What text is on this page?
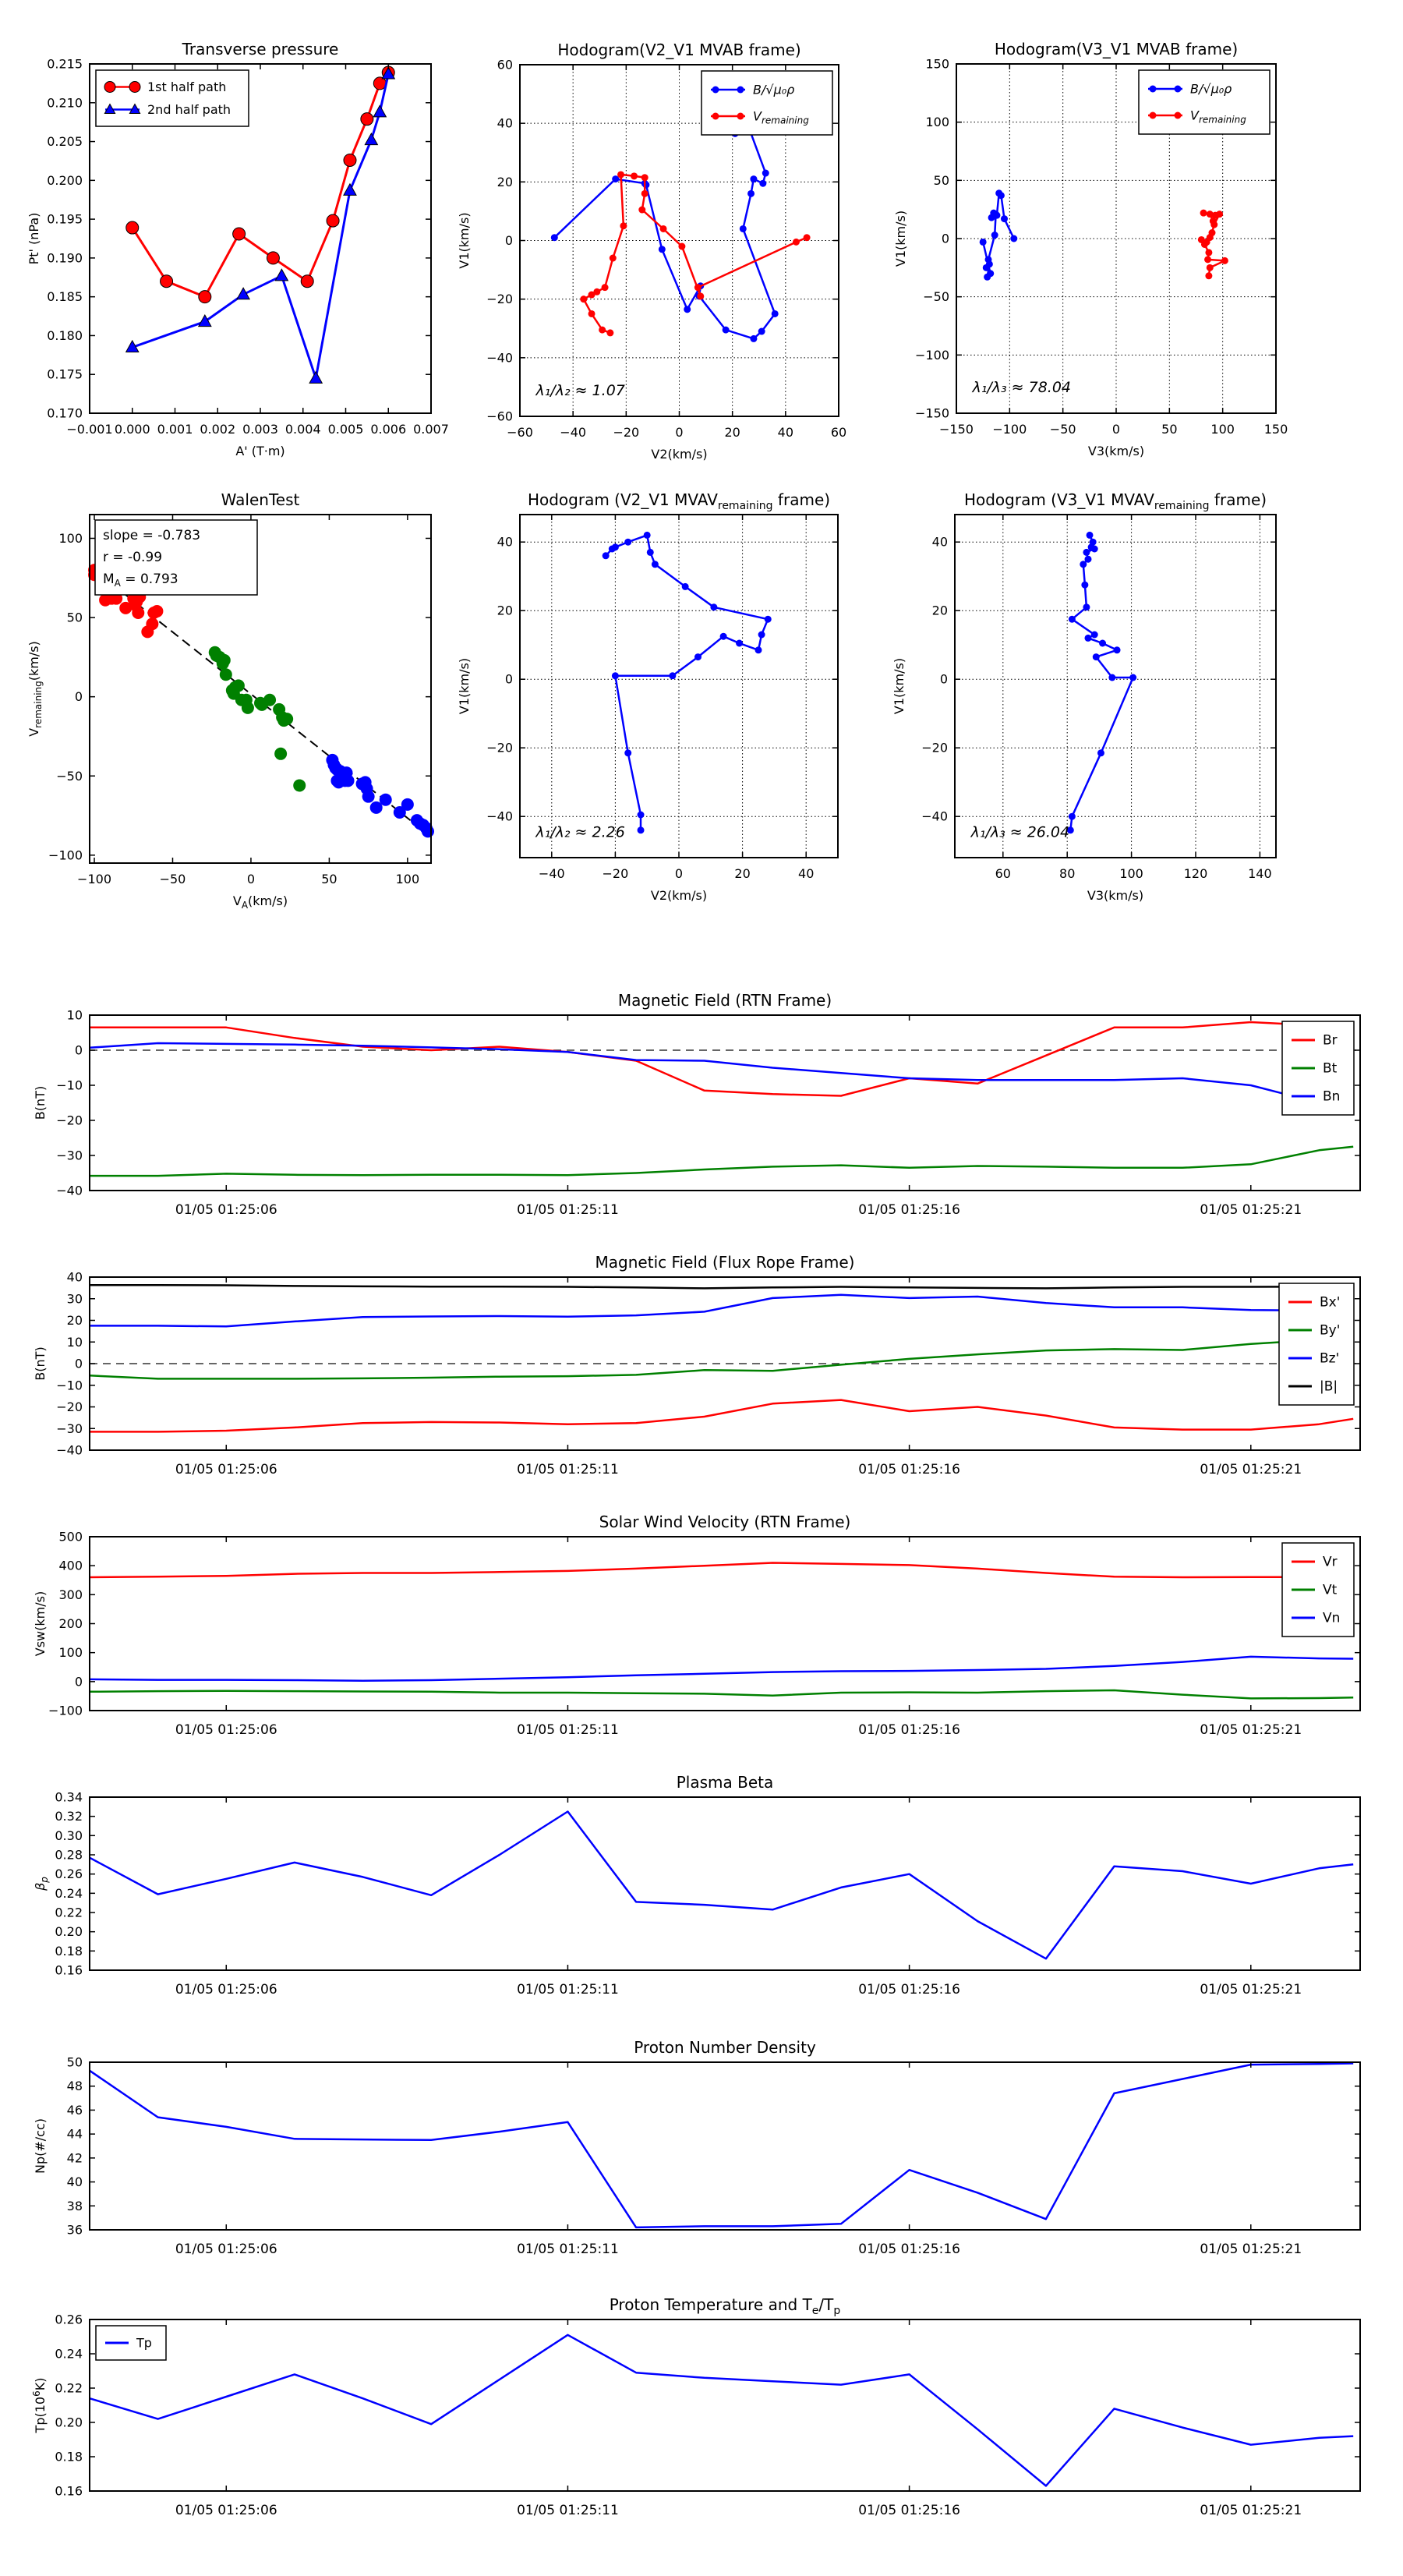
−0.001 0.000 0.001 0.002 0.003 0.004 0.005 0.006 0.007
0.170
0.175
0.180
0.185
0.190
0.195
0.200
0.205
0.210
0.215
Transverse pressure
A' (T·m)
Pt' (nPa)
1st half path
2nd half path
−60 −40 −20	0	20	40	60
−60
−40
−20
0
20
40
60
Hodogram(V2_V1 MVAB frame)
V2(km/s)
V1(km/s)
λ₁/λ₂ ≈ 1.07
B/√μ₀ρ
$V_{remaining}$
−150 −100 −50	0	50	100 150
−150
−100
−50
0
50
100
150
Hodogram(V3_V1 MVAB frame)
V3(km/s)
V1(km/s)
λ₁/λ₃ ≈ 78.04
B/√μ₀ρ
$V_{remaining}$
−100	−50	0	50	100
−100
−50
0
50
100
WalenTest
$V_A(km/s)$
$V_{remaining}(km/s)$
slope = -0.783
r = -0.99
$M_A = 0.793$
−40	−20	0	20	40
−40
−20
0
20
40
Hodogram (V2_V1 $MVAV_{remaining}$ frame)
V2(km/s)
V1(km/s)
λ₁/λ₂ ≈ 2.26
60	80	100	120	140
−40
−20
0
20
40
Hodogram (V3_V1 $MVAV_{remaining}$ frame)
V3(km/s)
V1(km/s)
λ₁/λ₃ ≈ 26.04
01/05 01:25:06	01/05 01:25:11	01/05 01:25:16	01/05 01:25:21
−40
−30
−20
−10
0
10
Magnetic Field (RTN Frame)
B(nT)
Br
Bt
Bn
01/05 01:25:06	01/05 01:25:11	01/05 01:25:16	01/05 01:25:21
−40
−30
−20
−10
0
10
20
30
40
Magnetic Field (Flux Rope Frame)
B(nT)
Bx'
By'
Bz'
|B|
01/05 01:25:06	01/05 01:25:11	01/05 01:25:16	01/05 01:25:21
−100
0
100
200
300
400
500
Solar Wind Velocity (RTN Frame)
Vsw(km/s)
Vr
Vt
Vn
01/05 01:25:06	01/05 01:25:11	01/05 01:25:16	01/05 01:25:21
0.16
0.18
0.20
0.22
0.24
0.26
0.28
0.30
0.32
0.34
Plasma Beta
$\beta_p$
01/05 01:25:06	01/05 01:25:11	01/05 01:25:16	01/05 01:25:21
36
38
40
42
44
46
48
50
Proton Number Density
Np(#/cc)
01/05 01:25:06	01/05 01:25:11	01/05 01:25:16	01/05 01:25:21
0.16
0.18
0.20
0.22
0.24
0.26
Proton Temperature and $T_e/T_p$
$Tp(10^6K)$
Tp
